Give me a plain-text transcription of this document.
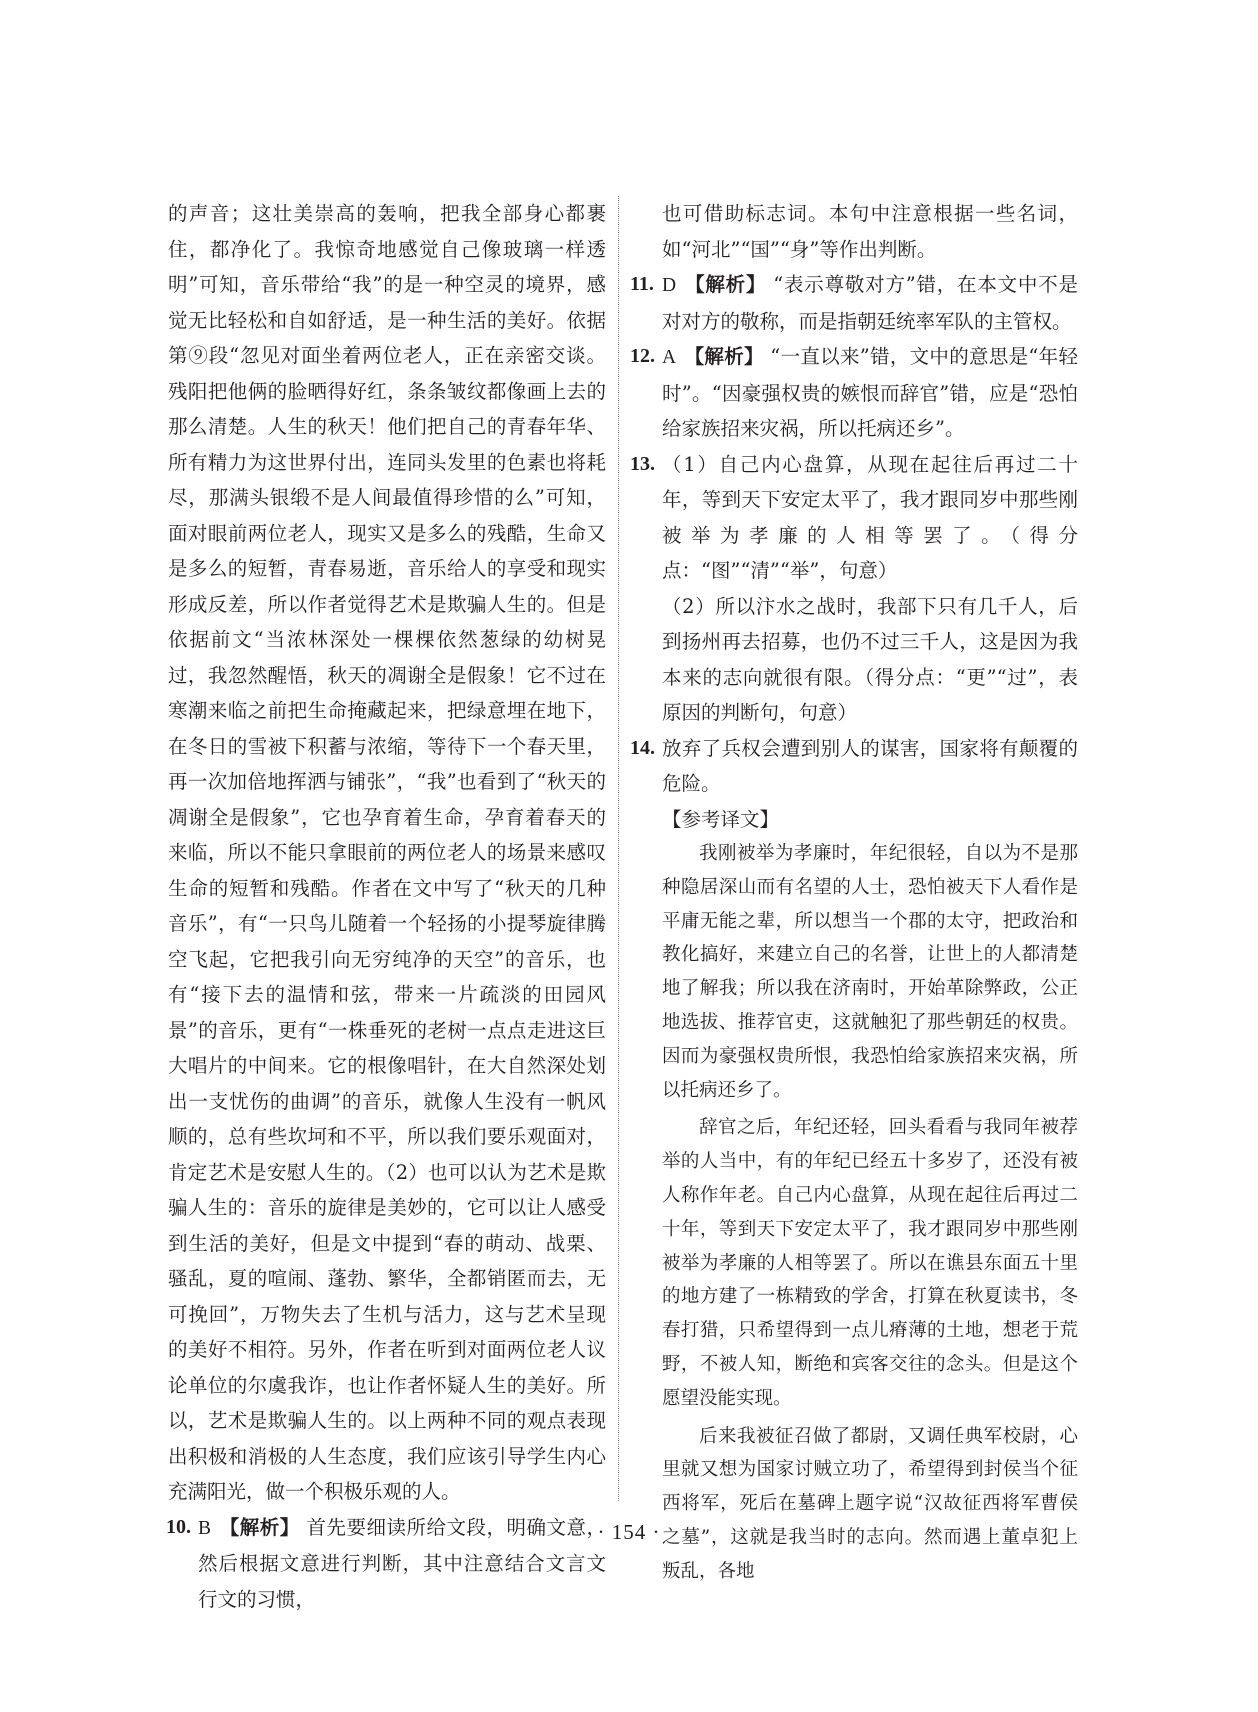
的声音；这壮美崇高的轰响，把我全部身心都裹住，都净化了。我惊奇地感觉自己像玻璃一样透明”可知，音乐带给“我”的是一种空灵的境界，感觉无比轻松和自如舒适，是一种生活的美好。依据第⑨段“忽见对面坐着两位老人，正在亲密交谈。残阳把他俩的脸晒得好红，条条皱纹都像画上去的那么清楚。人生的秋天！他们把自己的青春年华、所有精力为这世界付出，连同头发里的色素也将耗尽，那满头银缎不是人间最值得珍惜的么”可知，面对眼前两位老人，现实又是多么的残酷，生命又是多么的短暂，青春易逝，音乐给人的享受和现实形成反差，所以作者觉得艺术是欺骗人生的。但是依据前文“当浓林深处一棵棵依然葱绿的幼树晃过，我忽然醒悟，秋天的凋谢全是假象！它不过在寒潮来临之前把生命掩藏起来，把绿意埋在地下，在冬日的雪被下积蓄与浓缩，等待下一个春天里，再一次加倍地挥洒与铺张”，“我”也看到了“秋天的凋谢全是假象”，它也孕育着生命，孕育着春天的来临，所以不能只拿眼前的两位老人的场景来感叹生命的短暂和残酷。作者在文中写了“秋天的几种音乐”，有“一只鸟儿随着一个轻扬的小提琴旋律腾空飞起，它把我引向无穷纯净的天空”的音乐，也有“接下去的温情和弦，带来一片疏淡的田园风景”的音乐，更有“一株垂死的老树一点点走进这巨大唱片的中间来。它的根像唱针，在大自然深处划出一支忧伤的曲调”的音乐，就像人生没有一帆风顺的，总有些坎坷和不平，所以我们要乐观面对，肯定艺术是安慰人生的。（2）也可以认为艺术是欺骗人生的：音乐的旋律是美妙的，它可以让人感受到生活的美好，但是文中提到“春的萌动、战栗、骚乱，夏的喧闹、蓬勃、繁华，全都销匿而去，无可挽回”，万物失去了生机与活力，这与艺术呈现的美好不相符。另外，作者在听到对面两位老人议论单位的尔虞我诈，也让作者怀疑人生的美好。所以，艺术是欺骗人生的。以上两种不同的观点表现出积极和消极的人生态度，我们应该引导学生内心充满阳光，做一个积极乐观的人。

10. B 【解析】 首先要细读所给文段，明确文意，然后根据文意进行判断，其中注意结合文言文行文的习惯，

也可借助标志词。本句中注意根据一些名词，如“河北”“国”“身”等作出判断。

11. D 【解析】 “表示尊敬对方”错，在本文中不是对对方的敬称，而是指朝廷统率军队的主管权。

12. A 【解析】 “一直以来”错，文中的意思是“年轻时”。“因豪强权贵的嫉恨而辞官”错，应是“恐怕给家族招来灾祸，所以托病还乡”。

13. （1）自己内心盘算，从现在起往后再过二十年，等到天下安定太平了，我才跟同岁中那些刚被举为孝廉的人相等罢了。（得分点：“图”“清”“举”，句意）

（2）所以汴水之战时，我部下只有几千人，后到扬州再去招募，也仍不过三千人，这是因为我本来的志向就很有限。（得分点：“更”“过”，表原因的判断句，句意）

14. 放弃了兵权会遭到别人的谋害，国家将有颠覆的危险。

【参考译文】

我刚被举为孝廉时，年纪很轻，自以为不是那种隐居深山而有名望的人士，恐怕被天下人看作是平庸无能之辈，所以想当一个郡的太守，把政治和教化搞好，来建立自己的名誉，让世上的人都清楚地了解我；所以我在济南时，开始革除弊政，公正地选拔、推荐官吏，这就触犯了那些朝廷的权贵。因而为豪强权贵所恨，我恐怕给家族招来灾祸，所以托病还乡了。

辞官之后，年纪还轻，回头看看与我同年被荐举的人当中，有的年纪已经五十多岁了，还没有被人称作年老。自己内心盘算，从现在起往后再过二十年，等到天下安定太平了，我才跟同岁中那些刚被举为孝廉的人相等罢了。所以在谯县东面五十里的地方建了一栋精致的学舍，打算在秋夏读书，冬春打猎，只希望得到一点儿瘠薄的土地，想老于荒野，不被人知，断绝和宾客交往的念头。但是这个愿望没能实现。

后来我被征召做了都尉，又调任典军校尉，心里就又想为国家讨贼立功了，希望得到封侯当个征西将军，死后在墓碑上题字说“汉故征西将军曹侯之墓”，这就是我当时的志向。然而遇上董卓犯上叛乱，各地

· 154 ·
